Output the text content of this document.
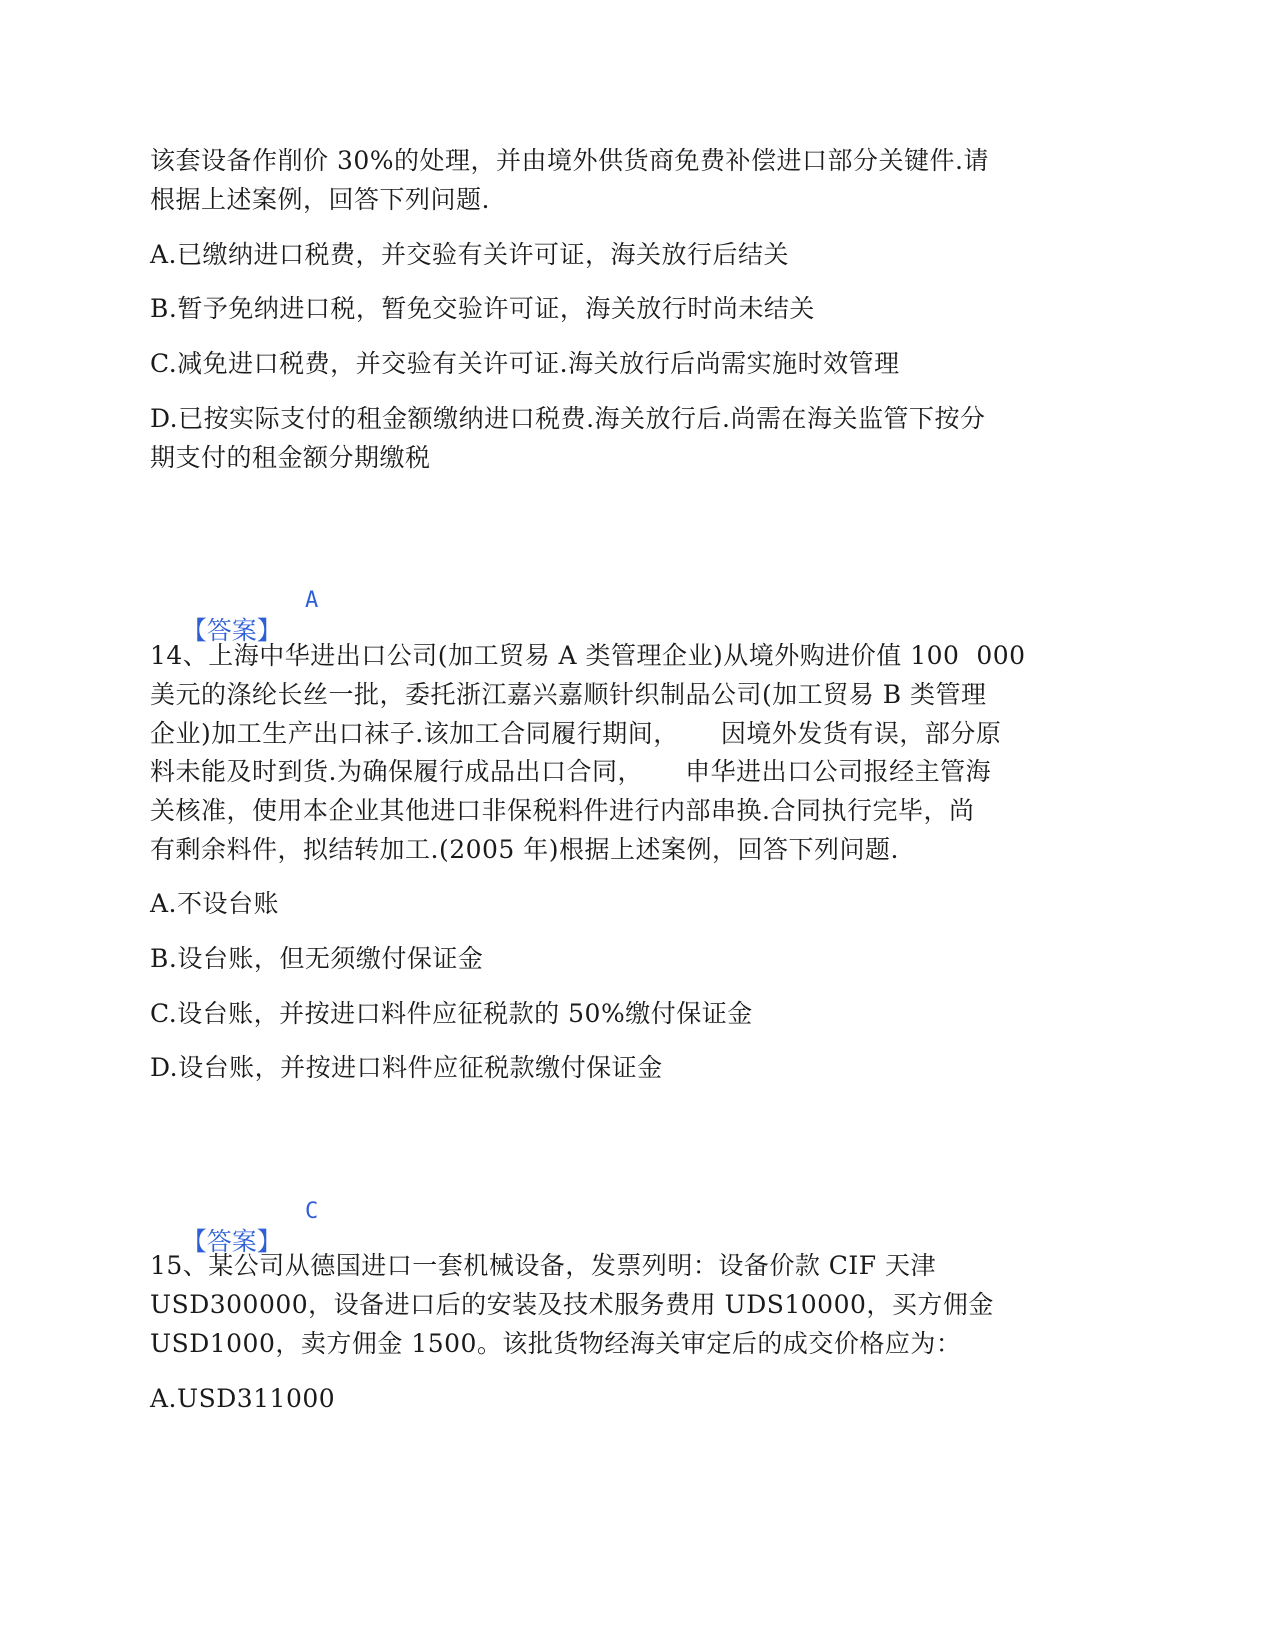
该套设备作削价 30%的处理，并由境外供货商免费补偿进口部分关键件.请
根据上述案例，回答下列问题.
A.已缴纳进口税费，并交验有关许可证，海关放行后结关
B.暂予免纳进口税，暂免交验许可证，海关放行时尚未结关
C.减免进口税费，并交验有关许可证.海关放行后尚需实施时效管理
D.已按实际支付的租金额缴纳进口税费.海关放行后.尚需在海关监管下按分
期支付的租金额分期缴税

【答案】

A

14、上海中华进出口公司(加工贸易 A 类管理企业)从境外购进价值 100  000
美元的涤纶长丝一批，委托浙江嘉兴嘉顺针织制品公司(加工贸易 B 类管理
企业)加工生产出口袜子.该加工合同履行期间，     因境外发货有误，部分原
料未能及时到货.为确保履行成品出口合同，     申华进出口公司报经主管海
关核准，使用本企业其他进口非保税料件进行内部串换.合同执行完毕，尚
有剩余料件，拟结转加工.(2005 年)根据上述案例，回答下列问题.
A.不设台账
B.设台账，但无须缴付保证金
C.设台账，并按进口料件应征税款的 50%缴付保证金
D.设台账，并按进口料件应征税款缴付保证金

【答案】

C

15、某公司从德国进口一套机械设备，发票列明：设备价款 CIF 天津
USD300000，设备进口后的安装及技术服务费用 UDS10000，买方佣金
USD1000，卖方佣金 1500。该批货物经海关审定后的成交价格应为：
A.USD311000
